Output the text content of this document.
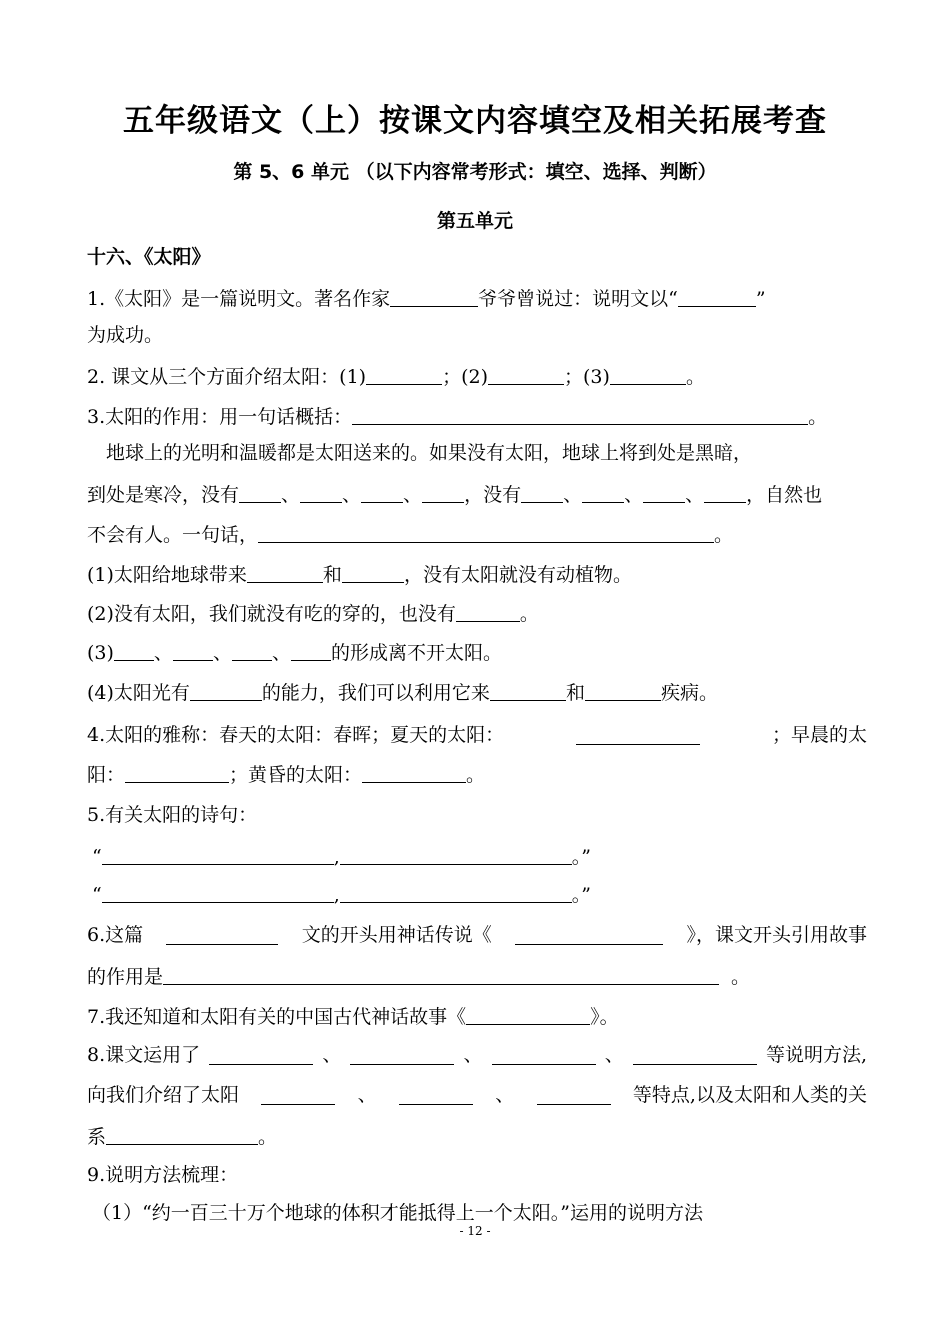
五年级语文（上）按课文内容填空及相关拓展考查
第 5、6 单元 （以下内容常考形式：填空、选择、判断）
第五单元
十六、《太阳》
1.《太阳》是一篇说明文。著名作家	爷爷曾说过：说明文以“	”
为成功。
2. 课文从三个方面介绍太阳：(1)	；(2)	；(3)	。
3.太阳的作用：用一句话概括：	。
地球上的光明和温暖都是太阳送来的。如果没有太阳，地球上将到处是黑暗，
到处是寒冷，没有 、 、 、 ，没有 、 、 、 ，自然也
不会有人。一句话，	。
(1)太阳给地球带来	和	，没有太阳就没有动植物。
(2)没有太阳，我们就没有吃的穿的，也没有	。
(3) 、 、 、 的形成离不开太阳。
(4)太阳光有	的能力，我们可以利用它来	和	疾病。
4.太阳的雅称：春天的太阳：春晖；夏天的太阳：	；早晨的太
阳：	；黄昏的太阳：	。
5.有关太阳的诗句：
“	,	。”
“	,	。”
6.这篇	文的开头用神话传说《	》，课文开头引用故事
的作用是	。
7.我还知道和太阳有关的中国古代神话故事《	》。
8.课文运用了	、	、	、	等说明方法,
向我们介绍了太阳	、	、	等特点,以及太阳和人类的关
系	。
9.说明方法梳理：
（1）“约一百三十万个地球的体积才能抵得上一个太阳。”运用的说明方法
- 12 -
